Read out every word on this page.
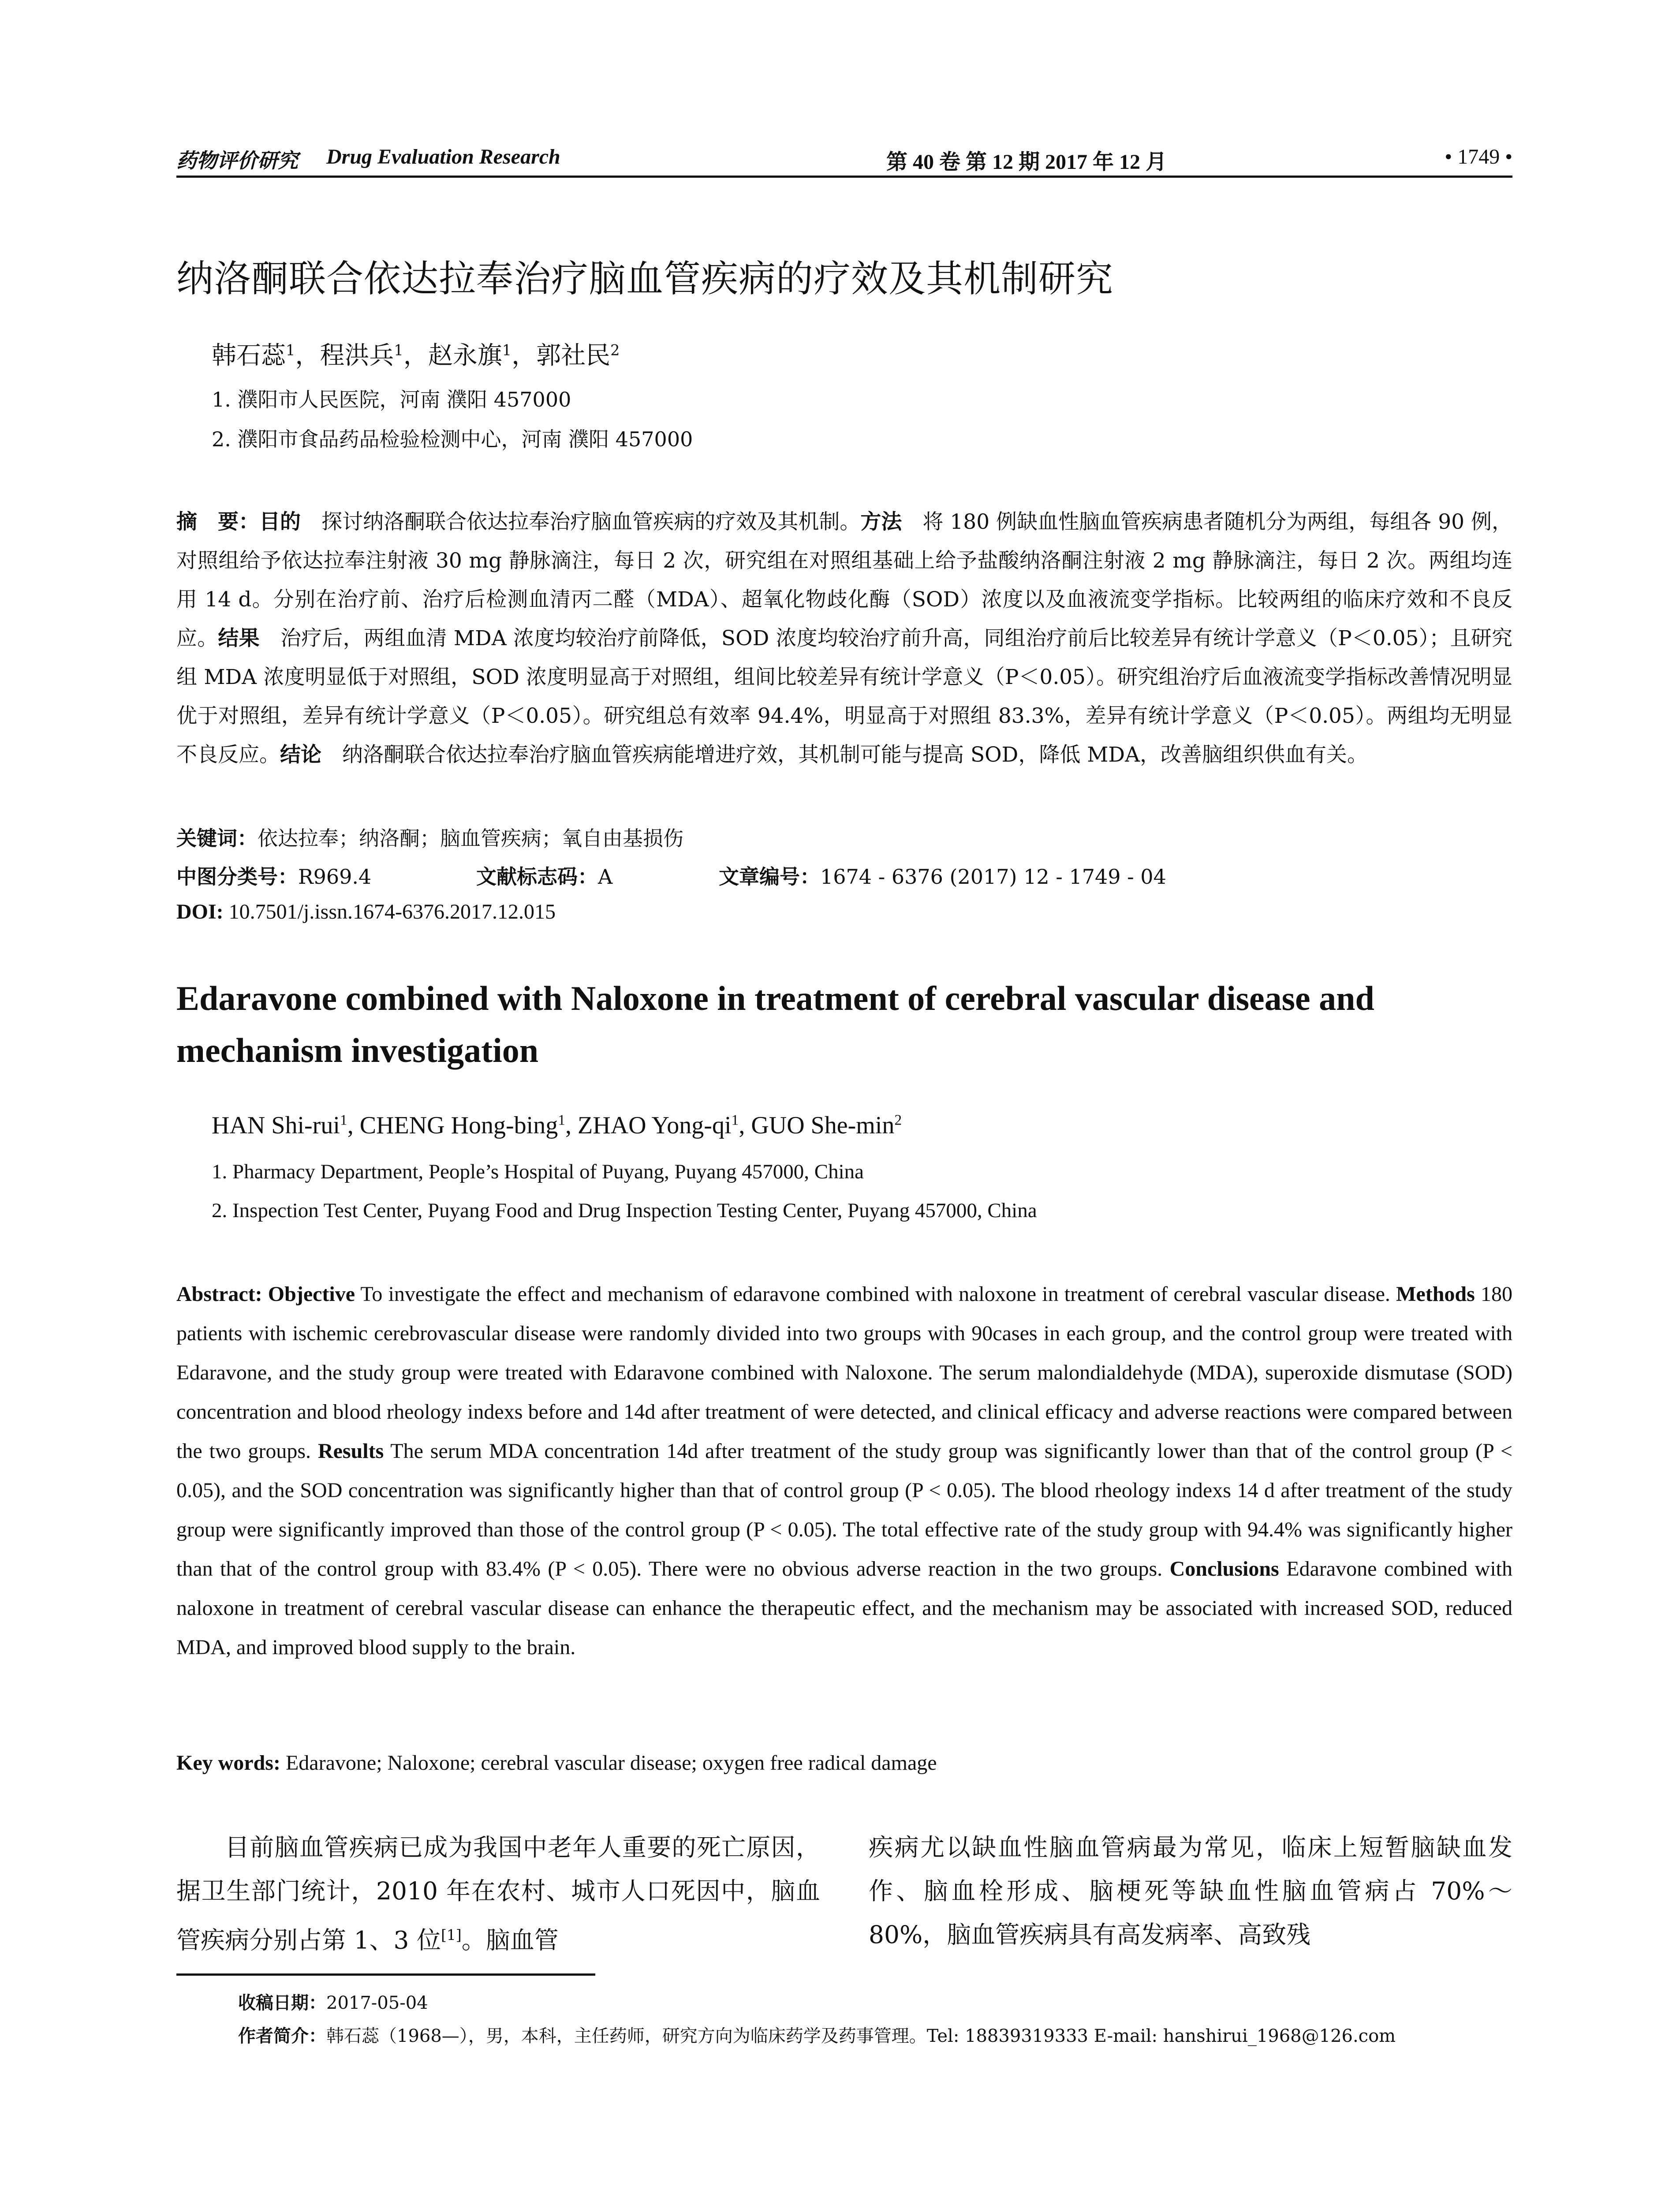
药物评价研究 Drug Evaluation Research	第 40 卷 第 12 期 2017 年 12 月	• 1749 •
纳洛酮联合依达拉奉治疗脑血管疾病的疗效及其机制研究
韩石蕊$^1$，程洪兵$^1$，赵永旗$^1$，郭社民$^2$
1. 濮阳市人民医院，河南 濮阳 457000
2. 濮阳市食品药品检验检测中心，河南 濮阳 457000
摘　要：目的　探讨纳洛酮联合依达拉奉治疗脑血管疾病的疗效及其机制。方法　将 180 例缺血性脑血管疾病患者随机分为两组，每组各 90 例，对照组给予依达拉奉注射液 30 mg 静脉滴注，每日 2 次，研究组在对照组基础上给予盐酸纳洛酮注射液 2 mg 静脉滴注，每日 2 次。两组均连用 14 d。分别在治疗前、治疗后检测血清丙二醛（MDA）、超氧化物歧化酶（SOD）浓度以及血液流变学指标。比较两组的临床疗效和不良反应。结果　治疗后，两组血清 MDA 浓度均较治疗前降低，SOD 浓度均较治疗前升高，同组治疗前后比较差异有统计学意义（P＜0.05）；且研究组 MDA 浓度明显低于对照组，SOD 浓度明显高于对照组，组间比较差异有统计学意义（P＜0.05）。研究组治疗后血液流变学指标改善情况明显优于对照组，差异有统计学意义（P＜0.05）。研究组总有效率 94.4%，明显高于对照组 83.3%，差异有统计学意义（P＜0.05）。两组均无明显不良反应。结论　纳洛酮联合依达拉奉治疗脑血管疾病能增进疗效，其机制可能与提高 SOD，降低 MDA，改善脑组织供血有关。
关键词：依达拉奉；纳洛酮；脑血管疾病；氧自由基损伤
中图分类号：R969.4	文献标志码：A	文章编号：1674 - 6376 (2017) 12 - 1749 - 04
DOI: 10.7501/j.issn.1674-6376.2017.12.015
Edaravone combined with Naloxone in treatment of cerebral vascular disease and mechanism investigation
HAN Shi-rui$^1$, CHENG Hong-bing$^1$, ZHAO Yong-$qi^1$, GUO She-$\min^2$
1. Pharmacy Department, People’s Hospital of Puyang, Puyang 457000, China
2. Inspection Test Center, Puyang Food and Drug Inspection Testing Center, Puyang 457000, China
Abstract: Objective To investigate the effect and mechanism of edaravone combined with naloxone in treatment of cerebral vascular disease. Methods 180 patients with ischemic cerebrovascular disease were randomly divided into two groups with 90cases in each group, and the control group were treated with Edaravone, and the study group were treated with Edaravone combined with Naloxone. The serum malondialdehyde (MDA), superoxide dismutase (SOD) concentration and blood rheology indexs before and 14d after treatment of were detected, and clinical efficacy and adverse reactions were compared between the two groups. Results The serum MDA concentration 14d after treatment of the study group was significantly lower than that of the control group (P < 0.05), and the SOD concentration was significantly higher than that of control group (P < 0.05). The blood rheology indexs 14 d after treatment of the study group were significantly improved than those of the control group (P < 0.05). The total effective rate of the study group with 94.4% was significantly higher than that of the control group with 83.4% (P < 0.05). There were no obvious adverse reaction in the two groups. Conclusions Edaravone combined with naloxone in treatment of cerebral vascular disease can enhance the therapeutic effect, and the mechanism may be associated with increased SOD, reduced MDA, and improved blood supply to the brain.
Key words: Edaravone; Naloxone; cerebral vascular disease; oxygen free radical damage
目前脑血管疾病已成为我国中老年人重要的死亡原因，据卫生部门统计，2010 年在农村、城市人口死因中，脑血管疾病分别占第 1、3 位[1]。脑血管
疾病尤以缺血性脑血管病最为常见，临床上短暂脑缺血发作、脑血栓形成、脑梗死等缺血性脑血管病占 70%～80%，脑血管疾病具有高发病率、高致残
收稿日期：2017-05-04
作者简介：韩石蕊（1968—），男，本科，主任药师，研究方向为临床药学及药事管理。Tel: 18839319333 E-mail: hanshirui_1968@126.com
